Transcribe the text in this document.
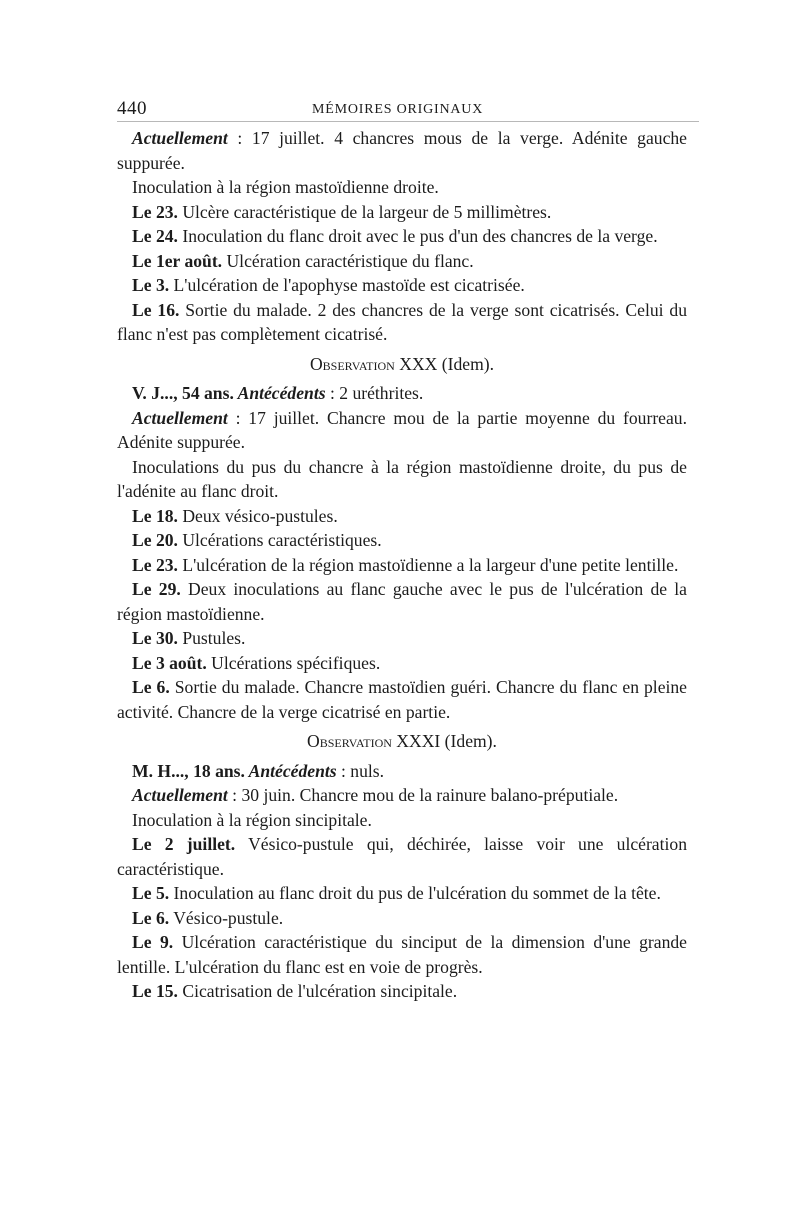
440	MÉMOIRES ORIGINAUX

Actuellement : 17 juillet. 4 chancres mous de la verge. Adénite gauche suppurée.

Inoculation à la région mastoïdienne droite.

Le 23. Ulcère caractéristique de la largeur de 5 millimètres.

Le 24. Inoculation du flanc droit avec le pus d'un des chancres de la verge.

Le 1er août. Ulcération caractéristique du flanc.

Le 3. L'ulcération de l'apophyse mastoïde est cicatrisée.

Le 16. Sortie du malade. 2 des chancres de la verge sont cicatrisés. Celui du flanc n'est pas complètement cicatrisé.

Observation XXX (Idem).

V. J..., 54 ans. Antécédents : 2 uréthrites.

Actuellement : 17 juillet. Chancre mou de la partie moyenne du fourreau. Adénite suppurée.

Inoculations du pus du chancre à la région mastoïdienne droite, du pus de l'adénite au flanc droit.

Le 18. Deux vésico-pustules.

Le 20. Ulcérations caractéristiques.

Le 23. L'ulcération de la région mastoïdienne a la largeur d'une petite lentille.

Le 29. Deux inoculations au flanc gauche avec le pus de l'ulcération de la région mastoïdienne.

Le 30. Pustules.

Le 3 août. Ulcérations spécifiques.

Le 6. Sortie du malade. Chancre mastoïdien guéri. Chancre du flanc en pleine activité. Chancre de la verge cicatrisé en partie.

Observation XXXI (Idem).

M. H..., 18 ans. Antécédents : nuls.

Actuellement : 30 juin. Chancre mou de la rainure balano-préputiale.

Inoculation à la région sincipitale.

Le 2 juillet. Vésico-pustule qui, déchirée, laisse voir une ulcération caractéristique.

Le 5. Inoculation au flanc droit du pus de l'ulcération du sommet de la tête.

Le 6. Vésico-pustule.

Le 9. Ulcération caractéristique du sinciput de la dimension d'une grande lentille. L'ulcération du flanc est en voie de progrès.

Le 15. Cicatrisation de l'ulcération sincipitale.
